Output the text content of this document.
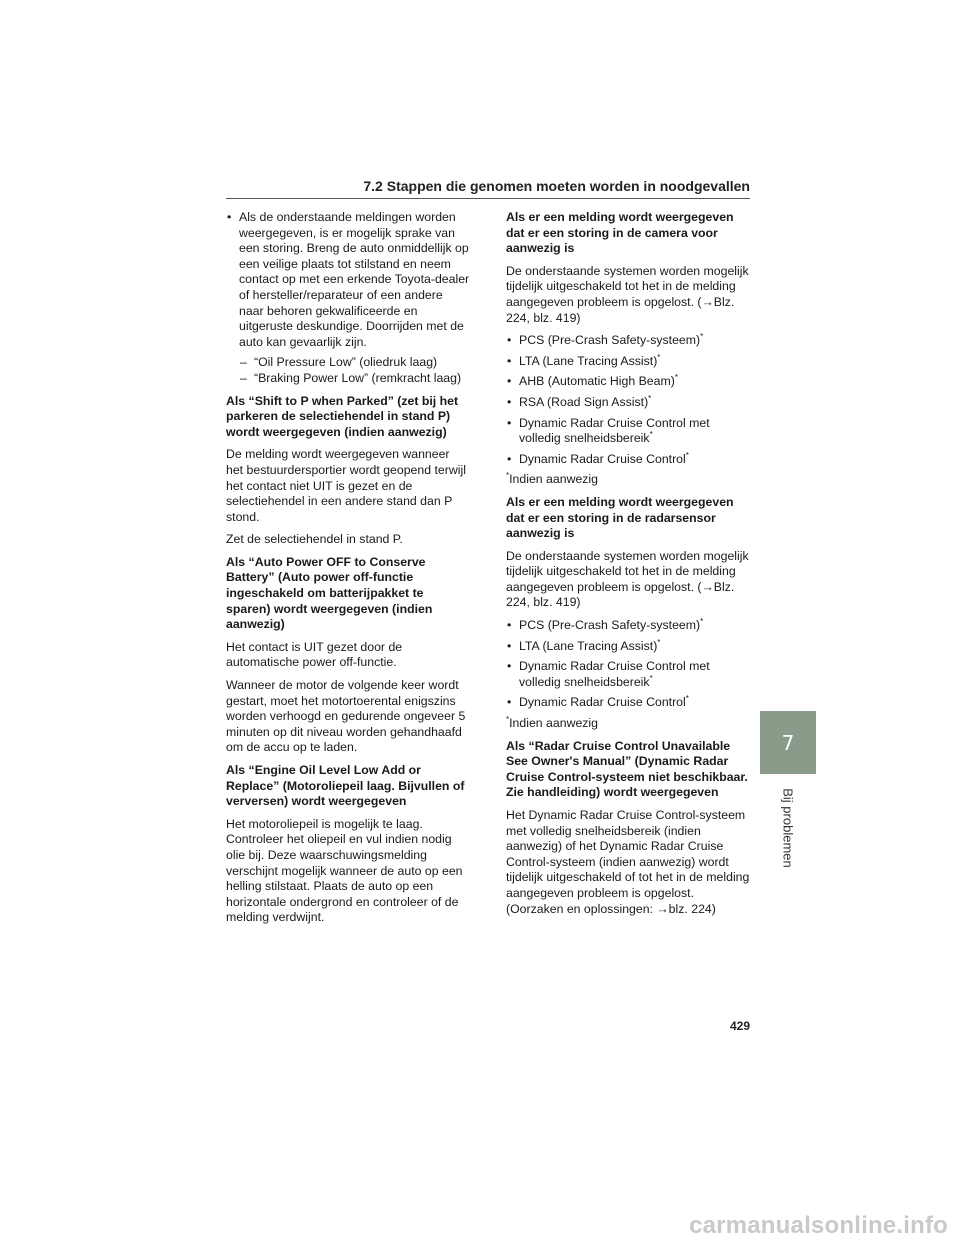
7.2 Stappen die genomen moeten worden in noodgevallen
• Als de onderstaande meldingen worden weergegeven, is er mogelijk sprake van een storing. Breng de auto onmiddellijk op een veilige plaats tot stilstand en neem contact op met een erkende Toyota-dealer of hersteller/reparateur of een andere naar behoren gekwalificeerde en uitgeruste deskundige. Doorrijden met de auto kan gevaarlijk zijn.
– “Oil Pressure Low” (oliedruk laag)
– “Braking Power Low” (remkracht laag)
Als “Shift to P when Parked” (zet bij het parkeren de selectiehendel in stand P) wordt weergegeven (indien aanwezig)

De melding wordt weergegeven wanneer het bestuurdersportier wordt geopend terwijl het contact niet UIT is gezet en de selectiehendel in een andere stand dan P stond.

Zet de selectiehendel in stand P.

Als “Auto Power OFF to Conserve Battery” (Auto power off-functie ingeschakeld om batterijpakket te sparen) wordt weergegeven (indien aanwezig)

Het contact is UIT gezet door de automatische power off-functie.

Wanneer de motor de volgende keer wordt gestart, moet het motortoerental enigszins worden verhoogd en gedurende ongeveer 5 minuten op dit niveau worden gehandhaafd om de accu op te laden.

Als “Engine Oil Level Low Add or Replace” (Motoroliepeil laag. Bijvullen of verversen) wordt weergegeven

Het motoroliepeil is mogelijk te laag. Controleer het oliepeil en vul indien nodig olie bij. Deze waarschuwingsmelding verschijnt mogelijk wanneer de auto op een helling stilstaat. Plaats de auto op een horizontale ondergrond en controleer of de melding verdwijnt.

Als er een melding wordt weergegeven dat er een storing in de camera voor aanwezig is

De onderstaande systemen worden mogelijk tijdelijk uitgeschakeld tot het in de melding aangegeven probleem is opgelost. (→Blz. 224, blz. 419)

• PCS (Pre-Crash Safety-systeem)*
• LTA (Lane Tracing Assist)*
• AHB (Automatic High Beam)*
• RSA (Road Sign Assist)*
• Dynamic Radar Cruise Control met volledig snelheidsbereik*
• Dynamic Radar Cruise Control*

*Indien aanwezig

Als er een melding wordt weergegeven dat er een storing in de radarsensor aanwezig is

De onderstaande systemen worden mogelijk tijdelijk uitgeschakeld tot het in de melding aangegeven probleem is opgelost. (→Blz. 224, blz. 419)

• PCS (Pre-Crash Safety-systeem)*
• LTA (Lane Tracing Assist)*
• Dynamic Radar Cruise Control met volledig snelheidsbereik*
• Dynamic Radar Cruise Control*

*Indien aanwezig

Als “Radar Cruise Control Unavailable See Owner's Manual” (Dynamic Radar Cruise Control-systeem niet beschikbaar. Zie handleiding) wordt weergegeven

Het Dynamic Radar Cruise Control-systeem met volledig snelheidsbereik (indien aanwezig) of het Dynamic Radar Cruise Control-systeem (indien aanwezig) wordt tijdelijk uitgeschakeld of tot het in de melding aangegeven probleem is opgelost. (Oorzaken en oplossingen: →blz. 224)

7
Bij problemen
429
carmanualsonline.info
